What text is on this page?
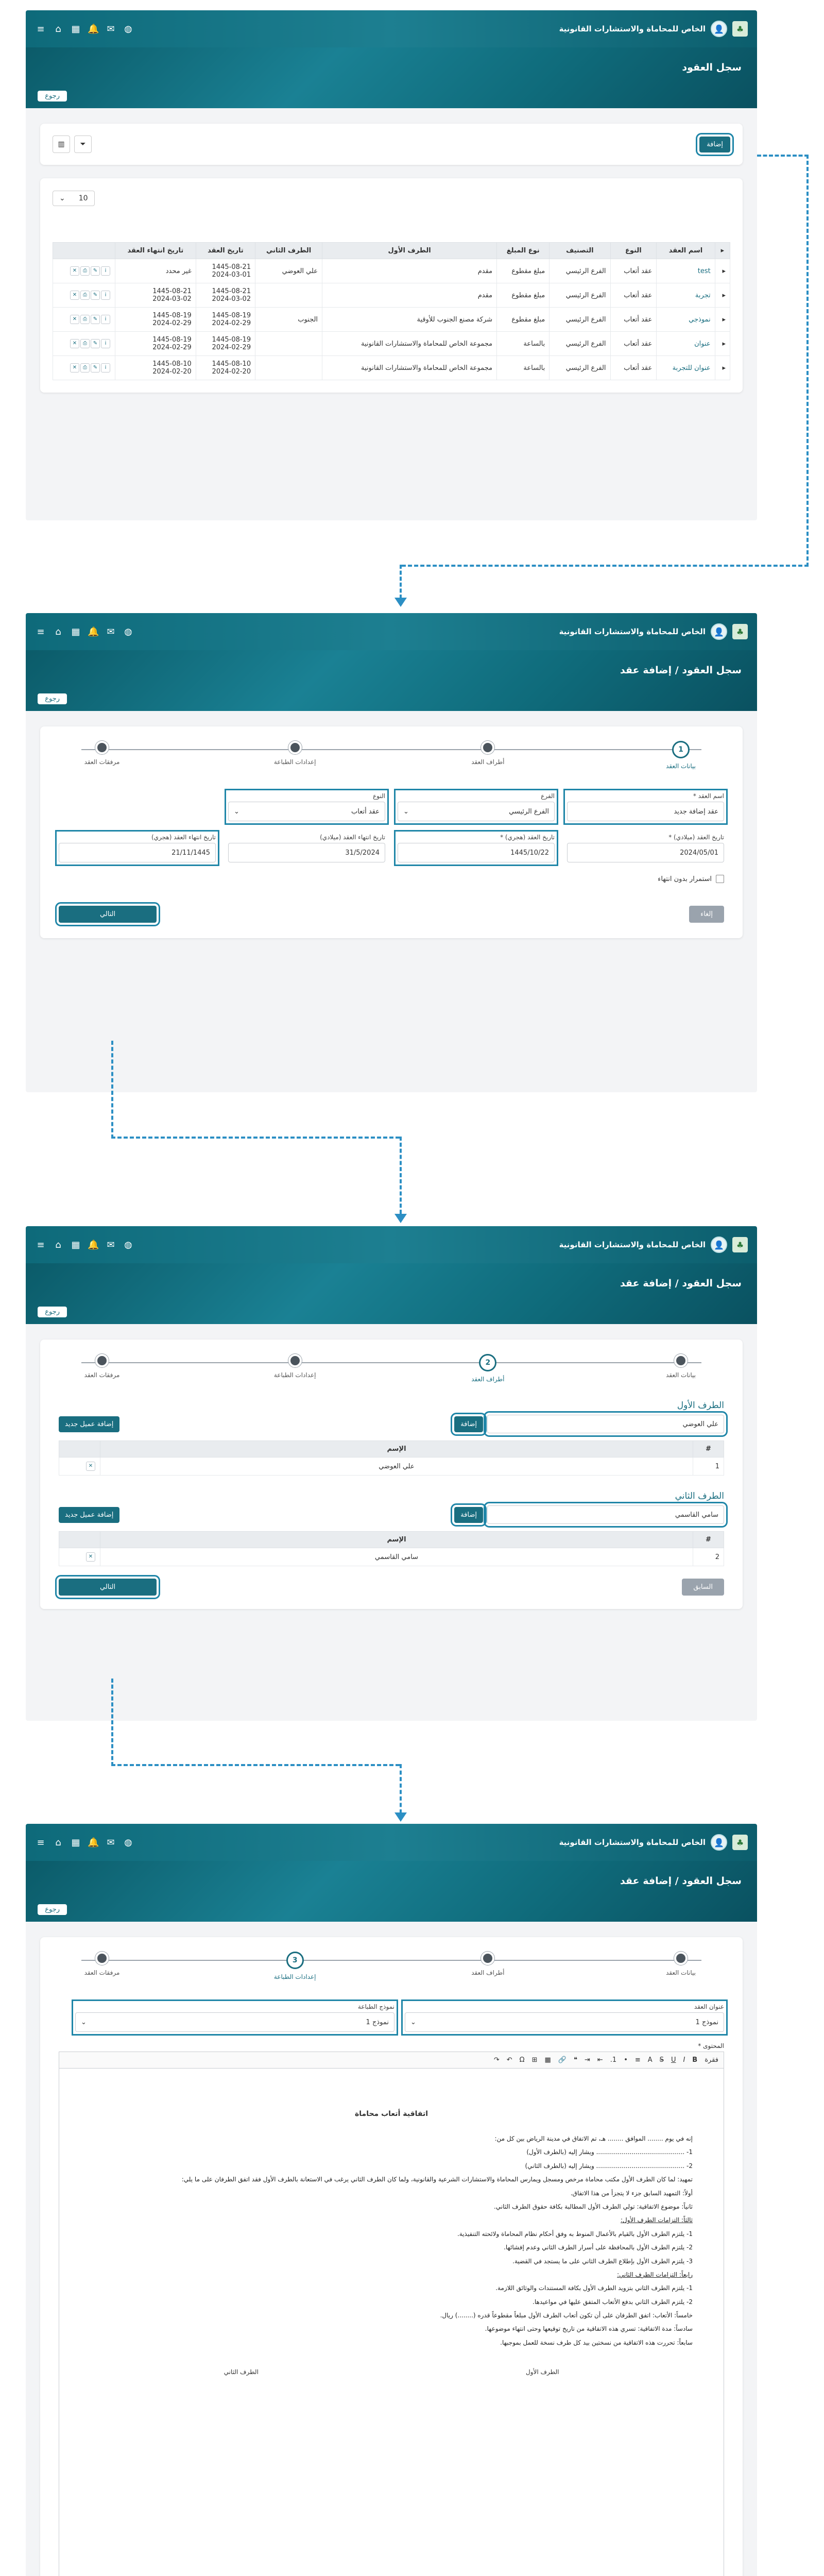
♣
👤
الخاص للمحاماة والاستشارات القانونية
≡ ⌂ ▦ 🔔 ✉ ◍
سجل العقود
رجوع
إضافة
▥	⏷
⌄ 10
▸	اسم العقد	النوع	التصنيف	نوع المبلغ	الطرف الأول	الطرف الثاني	تاريخ العقد	تاريخ انتهاء العقد	
▸	test	عقد أتعاب	الفرع الرئيسي	مبلغ مقطوع	مقدم	علي العوضي	1445-08-21
2024-03-01	غير محدد	i✎⎙✕
▸	تجربة	عقد أتعاب	الفرع الرئيسي	مبلغ مقطوع	مقدم		1445-08-21
2024-03-02	1445-08-21
2024-03-02	i✎⎙✕
▸	نموذجي	عقد أتعاب	الفرع الرئيسي	مبلغ مقطوع	شركة مصنع الجنوب للأوقية	الجنوب	1445-08-19
2024-02-29	1445-08-19
2024-02-29	i✎⎙✕
▸	عنوان	عقد أتعاب	الفرع الرئيسي	بالساعة	مجموعة الخاص للمحاماة والاستشارات القانونية		1445-08-19
2024-02-29	1445-08-19
2024-02-29	i✎⎙✕
▸	عنوان للتجربة	عقد أتعاب	الفرع الرئيسي	بالساعة	مجموعة الخاص للمحاماة والاستشارات القانونية		1445-08-10
2024-02-20	1445-08-10
2024-02-20	i✎⎙✕
♣
👤
الخاص للمحاماة والاستشارات القانونية
≡ ⌂ ▦ 🔔 ✉ ◍
سجل العقود / إضافة عقد
رجوع
1
بيانات العقد
أطراف العقد
إعدادات الطباعة
مرفقات العقد
اسم العقد *
عقد إضافة جديد
الفرع
الفرع الرئيسي
⌄
النوع
عقد أتعاب
⌄
تاريخ العقد (ميلادي) *
2024/05/01
تاريخ العقد (هجري) *
1445/10/22
تاريخ انتهاء العقد (ميلادي)
31/5/2024
تاريخ انتهاء العقد (هجري)
21/11/1445
استمرار بدون انتهاء
إلغاء
التالي
♣
👤
الخاص للمحاماة والاستشارات القانونية
≡ ⌂ ▦ 🔔 ✉ ◍
سجل العقود / إضافة عقد
رجوع
بيانات العقد
2
أطراف العقد
إعدادات الطباعة
مرفقات العقد
الطرف الأول
علي العوضي
إضافة
إضافة عميل جديد
#	الإسم	
1	علي العوضي	✕
الطرف الثاني
سامي القاسمي
إضافة
إضافة عميل جديد
#	الإسم	
2	سامي القاسمي	✕
السابق
التالي
♣
👤
الخاص للمحاماة والاستشارات القانونية
≡ ⌂ ▦ 🔔 ✉ ◍
سجل العقود / إضافة عقد
رجوع
بيانات العقد
أطراف العقد
3
إعدادات الطباعة
مرفقات العقد
عنوان العقد
نموذج 1
⌄
نموذج الطباعة
نموذج 1
⌄
المحتوى *
فقرة
B
I
U
S
A
≡
•
1.
⇤
⇥
❝
🔗
▦
⊞
Ω
↶
↷
اتفاقية أتعاب محاماة

إنه في يوم ........ الموافق ........ هـ، تم الاتفاق في مدينة الرياض بين كل من:

1- ............................................. ويشار إليه (بالطرف الأول)

2- ............................................. ويشار إليه (بالطرف الثاني)

تمهيد: لما كان الطرف الأول مكتب محاماة مرخص ومسجل ويمارس المحاماة والاستشارات الشرعية والقانونية، ولما كان الطرف الثاني يرغب في الاستعانة بالطرف الأول فقد اتفق الطرفان على ما يلي:

أولاً: التمهيد السابق جزء لا يتجزأ من هذا الاتفاق.

ثانياً: موضوع الاتفاقية: تولي الطرف الأول المطالبة بكافة حقوق الطرف الثاني.

ثالثاً: التزامات الطرف الأول:

1- يلتزم الطرف الأول بالقيام بالأعمال المنوط به وفق أحكام نظام المحاماة ولائحته التنفيذية.

2- يلتزم الطرف الأول بالمحافظة على أسرار الطرف الثاني وعدم إفشائها.

3- يلتزم الطرف الأول بإطلاع الطرف الثاني على ما يستجد في القضية.

رابعاً: التزامات الطرف الثاني:

1- يلتزم الطرف الثاني بتزويد الطرف الأول بكافة المستندات والوثائق اللازمة.

2- يلتزم الطرف الثاني بدفع الأتعاب المتفق عليها في مواعيدها.

خامساً: الأتعاب: اتفق الطرفان على أن تكون أتعاب الطرف الأول مبلغاً مقطوعاً قدره (........) ريال.

سادساً: مدة الاتفاقية: تسري هذه الاتفاقية من تاريخ توقيعها وحتى انتهاء موضوعها.

سابعاً: تحررت هذه الاتفاقية من نسختين بيد كل طرف نسخة للعمل بموجبها.

الطرف الأول
الطرف الثاني
